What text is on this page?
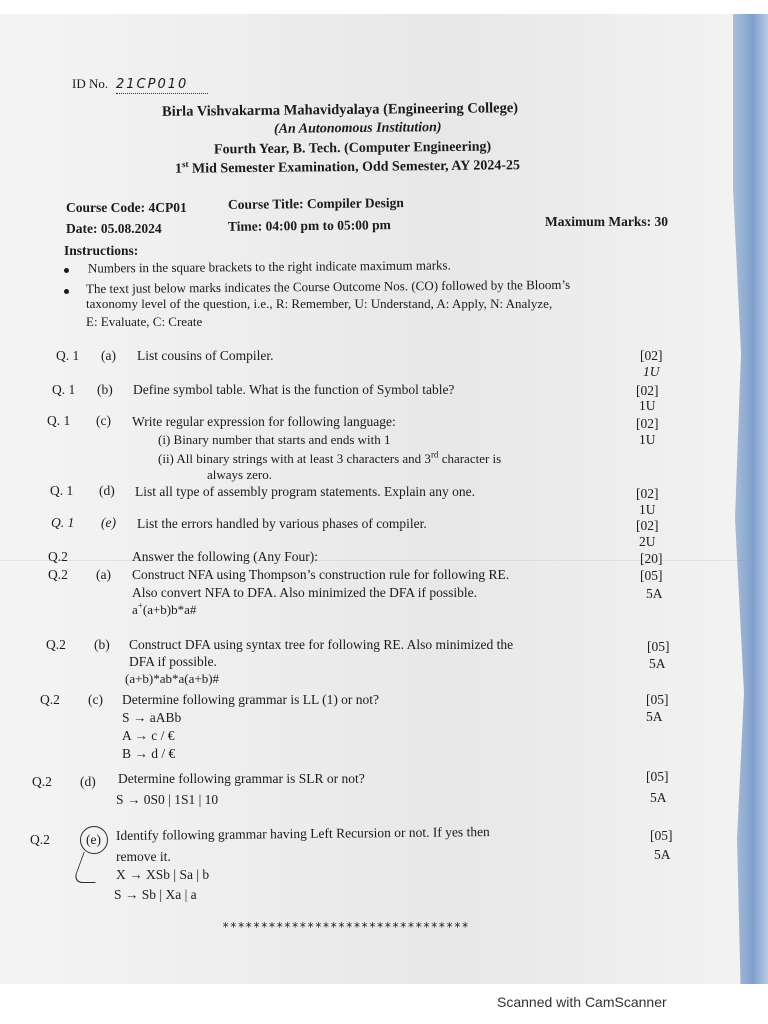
ID No. 21CP010
Birla Vishvakarma Mahavidyalaya (Engineering College)
(An Autonomous Institution)
Fourth Year, B. Tech. (Computer Engineering)
1st Mid Semester Examination, Odd Semester, AY 2024-25
Course Code: 4CP01	Course Title: Compiler Design
Date: 05.08.2024	Time: 04:00 pm to 05:00 pm	Maximum Marks: 30
Instructions:
Numbers in the square brackets to the right indicate maximum marks.
The text just below marks indicates the Course Outcome Nos. (CO) followed by the Bloom’s
taxonomy level of the question, i.e., R: Remember, U: Understand, A: Apply, N: Analyze,
E: Evaluate, C: Create
Q. 1 (a) List cousins of Compiler.	[02]
1U
Q. 1 (b) Define symbol table. What is the function of Symbol table?	[02]
1U
Q. 1 (c) Write regular expression for following language:
(i) Binary number that starts and ends with 1
(ii) All binary strings with at least 3 characters and 3rd character is
always zero.
[02]
1U
Q. 1 (d) List all type of assembly program statements. Explain any one.	[02]
1U
Q. 1 (e) List the errors handled by various phases of compiler.	[02]
2U
Q.2	Answer the following (Any Four):	[20]
Q.2 (a) Construct NFA using Thompson’s construction rule for following RE.
Also convert NFA to DFA. Also minimized the DFA if possible.
a+(a+b)b*a#
[05]
5A
Q.2 (b) Construct DFA using syntax tree for following RE. Also minimized the
DFA if possible.
(a+b)*ab*a(a+b)#
[05]
5A
Q.2 (c) Determine following grammar is LL (1) or not?
S → aABb
A → c / €
B → d / €
[05]
5A
Q.2 (d) Determine following grammar is SLR or not?
S → 0S0 | 1S1 | 10
[05]
5A
Q.2	(e) Identify following grammar having Left Recursion or not. If yes then
remove it.
X → XSb | Sa | b
S → Sb | Xa | a
[05]
5A
********************************
Scanned with CamScanner
